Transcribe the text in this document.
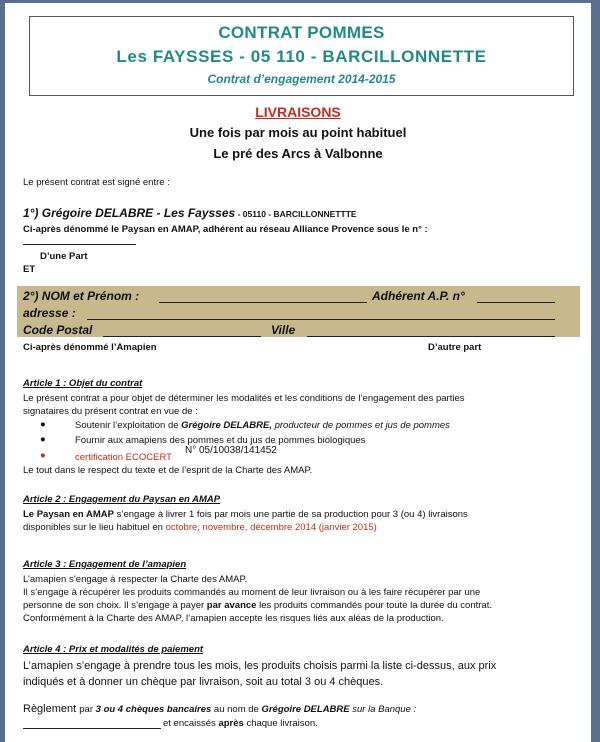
CONTRAT POMMES
Les FAYSSES - 05 110 - BARCILLONNETTE
Contrat d’engagement 2014-2015
LIVRAISONS
Une fois par mois au point habituel
Le pré des Arcs à Valbonne
Le présent contrat est signé entre :
1°) Grégoire DELABRE - Les Faysses - 05110 - BARCILLONNETTTE
Ci-après dénommé le Paysan en AMAP, adhérent au réseau Alliance Provence sous le n° :
D’une Part
ET
2°) NOM et Prénom :	Adhérent A.P. n°
adresse :
Code Postal	Ville
Ci-après dénommé l’Amapien	D’autre part
Article 1 : Objet du contrat
Le présent contrat a pour objet de déterminer les modalités et les conditions de l’engagement des parties
signataires du présent contrat en vue de :
●	Soutenir l’exploitation de Grégoire DELABRE, producteur de pommes et jus de pommes
●	Fournir aux amapiens des pommes et du jus de pommes biologiques
●	certification ECOCERT
N° 05/10038/141452
Le tout dans le respect du texte et de l’esprit de la Charte des AMAP.
Article 2 : Engagement du Paysan en AMAP
Le Paysan en AMAP s’engage à livrer 1 fois par mois une partie de sa production pour 3 (ou 4) livraisons
disponibles sur le lieu habituel en octobre, novembre, décembre 2014 (janvier 2015)
Article 3 : Engagement de l’amapien
L’amapien s’engage à respecter la Charte des AMAP.
Il s’engage à récupérer les produits commandés au moment de leur livraison ou à les faire récupérer par une
personne de son choix. Il s’engage à payer par avance les produits commandés pour toute la durée du contrat.
Conformément à la Charte des AMAP, l’amapien accepte les risques liés aux aléas de la production.
Article 4 : Prix et modalités de paiement
L’amapien s’engage à prendre tous les mois, les produits choisis parmi la liste ci-dessus, aux prix
indiqués et à donner un chèque par livraison, soit au total 3 ou 4 chèques.
Règlement par 3 ou 4 chèques bancaires au nom de Grégoire DELABRE sur la Banque :
et encaissés après chaque livraison.
